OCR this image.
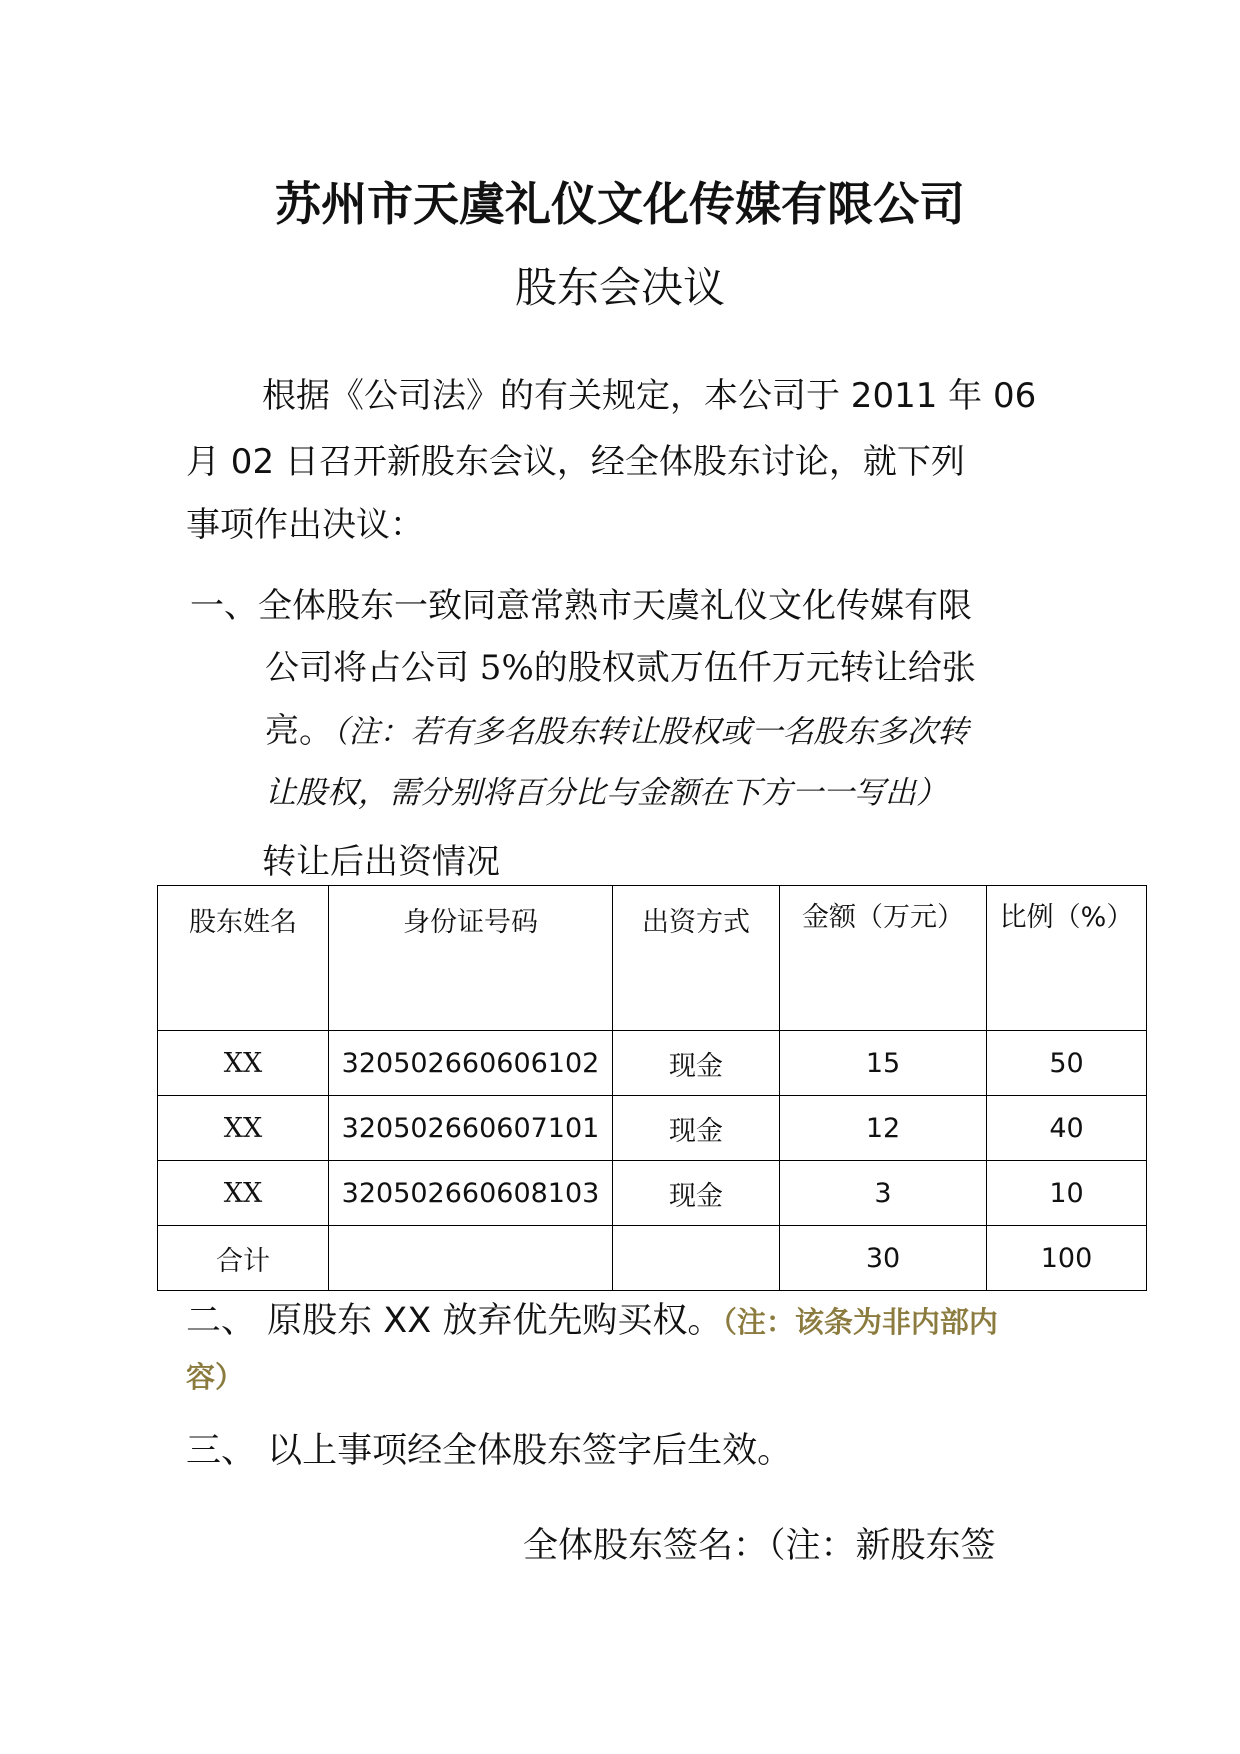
苏州市天虞礼仪文化传媒有限公司
股东会决议
根据《公司法》的有关规定，本公司于 2011 年 06
月 02 日召开新股东会议，经全体股东讨论，就下列
事项作出决议：
一、全体股东一致同意常熟市天虞礼仪文化传媒有限
公司将占公司 5%的股权贰万伍仟万元转让给张
亮。（注：若有多名股东转让股权或一名股东多次转
让股权，需分别将百分比与金额在下方一一写出）
转让后出资情况
股东姓名	身份证号码	出资方式	金额（万元）	比例（%）
XX	320502660606102	现金	15	50
XX	320502660607101	现金	12	40
XX	320502660608103	现金	3	10
合计			30	100
二、 原股东 XX 放弃优先购买权。（注：该条为非内部内
容）
三、 以上事项经全体股东签字后生效。
全体股东签名：（注：新股东签
